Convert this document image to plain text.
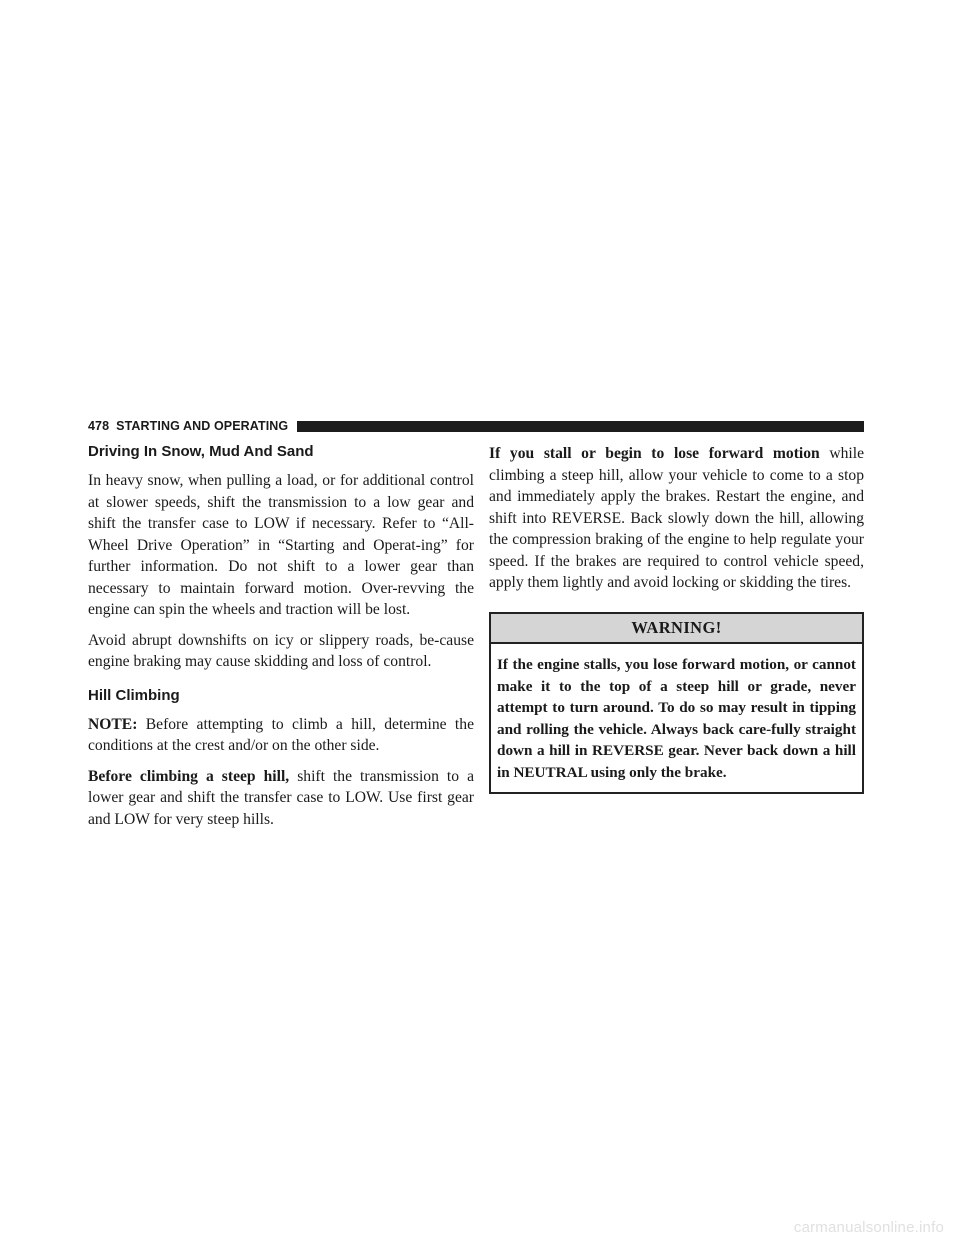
478 STARTING AND OPERATING
Driving In Snow, Mud And Sand

In heavy snow, when pulling a load, or for additional control at slower speeds, shift the transmission to a low gear and shift the transfer case to LOW if necessary. Refer to “All-Wheel Drive Operation” in “Starting and Operat-ing” for further information. Do not shift to a lower gear than necessary to maintain forward motion. Over-revving the engine can spin the wheels and traction will be lost.

Avoid abrupt downshifts on icy or slippery roads, be-cause engine braking may cause skidding and loss of control.

Hill Climbing

NOTE: Before attempting to climb a hill, determine the conditions at the crest and/or on the other side.

Before climbing a steep hill, shift the transmission to a lower gear and shift the transfer case to LOW. Use first gear and LOW for very steep hills.

If you stall or begin to lose forward motion while climbing a steep hill, allow your vehicle to come to a stop and immediately apply the brakes. Restart the engine, and shift into REVERSE. Back slowly down the hill, allowing the compression braking of the engine to help regulate your speed. If the brakes are required to control vehicle speed, apply them lightly and avoid locking or skidding the tires.

WARNING!
If the engine stalls, you lose forward motion, or cannot make it to the top of a steep hill or grade, never attempt to turn around. To do so may result in tipping and rolling the vehicle. Always back care-fully straight down a hill in REVERSE gear. Never back down a hill in NEUTRAL using only the brake.
carmanualsonline.info
